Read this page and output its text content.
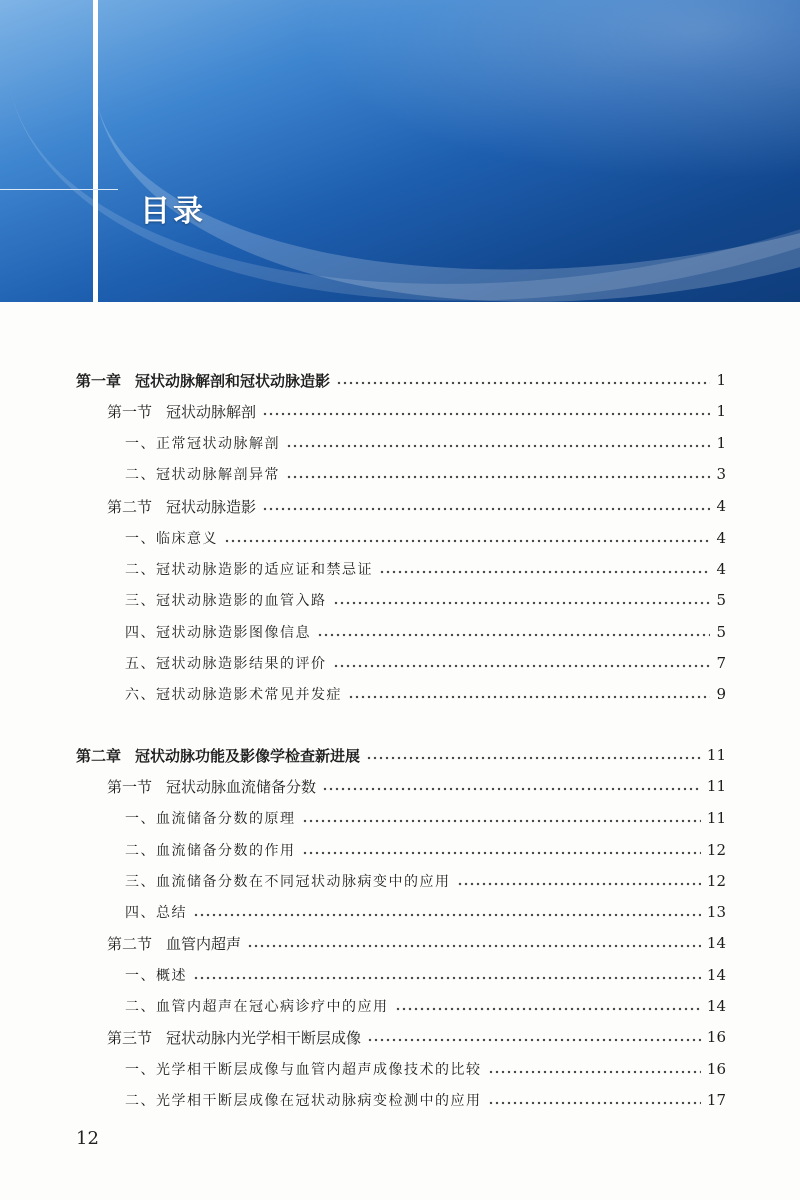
目录
第一章 冠状动脉解剖和冠状动脉造影	1
第一节 冠状动脉解剖	1
一、正常冠状动脉解剖	1
二、冠状动脉解剖异常	3
第二节 冠状动脉造影	4
一、临床意义	4
二、冠状动脉造影的适应证和禁忌证	4
三、冠状动脉造影的血管入路	5
四、冠状动脉造影图像信息	5
五、冠状动脉造影结果的评价	7
六、冠状动脉造影术常见并发症	9
第二章 冠状动脉功能及影像学检查新进展	11
第一节 冠状动脉血流储备分数	11
一、血流储备分数的原理	11
二、血流储备分数的作用	12
三、血流储备分数在不同冠状动脉病变中的应用	12
四、总结	13
第二节 血管内超声	14
一、概述	14
二、血管内超声在冠心病诊疗中的应用	14
第三节 冠状动脉内光学相干断层成像	16
一、光学相干断层成像与血管内超声成像技术的比较	16
二、光学相干断层成像在冠状动脉病变检测中的应用	17
12
